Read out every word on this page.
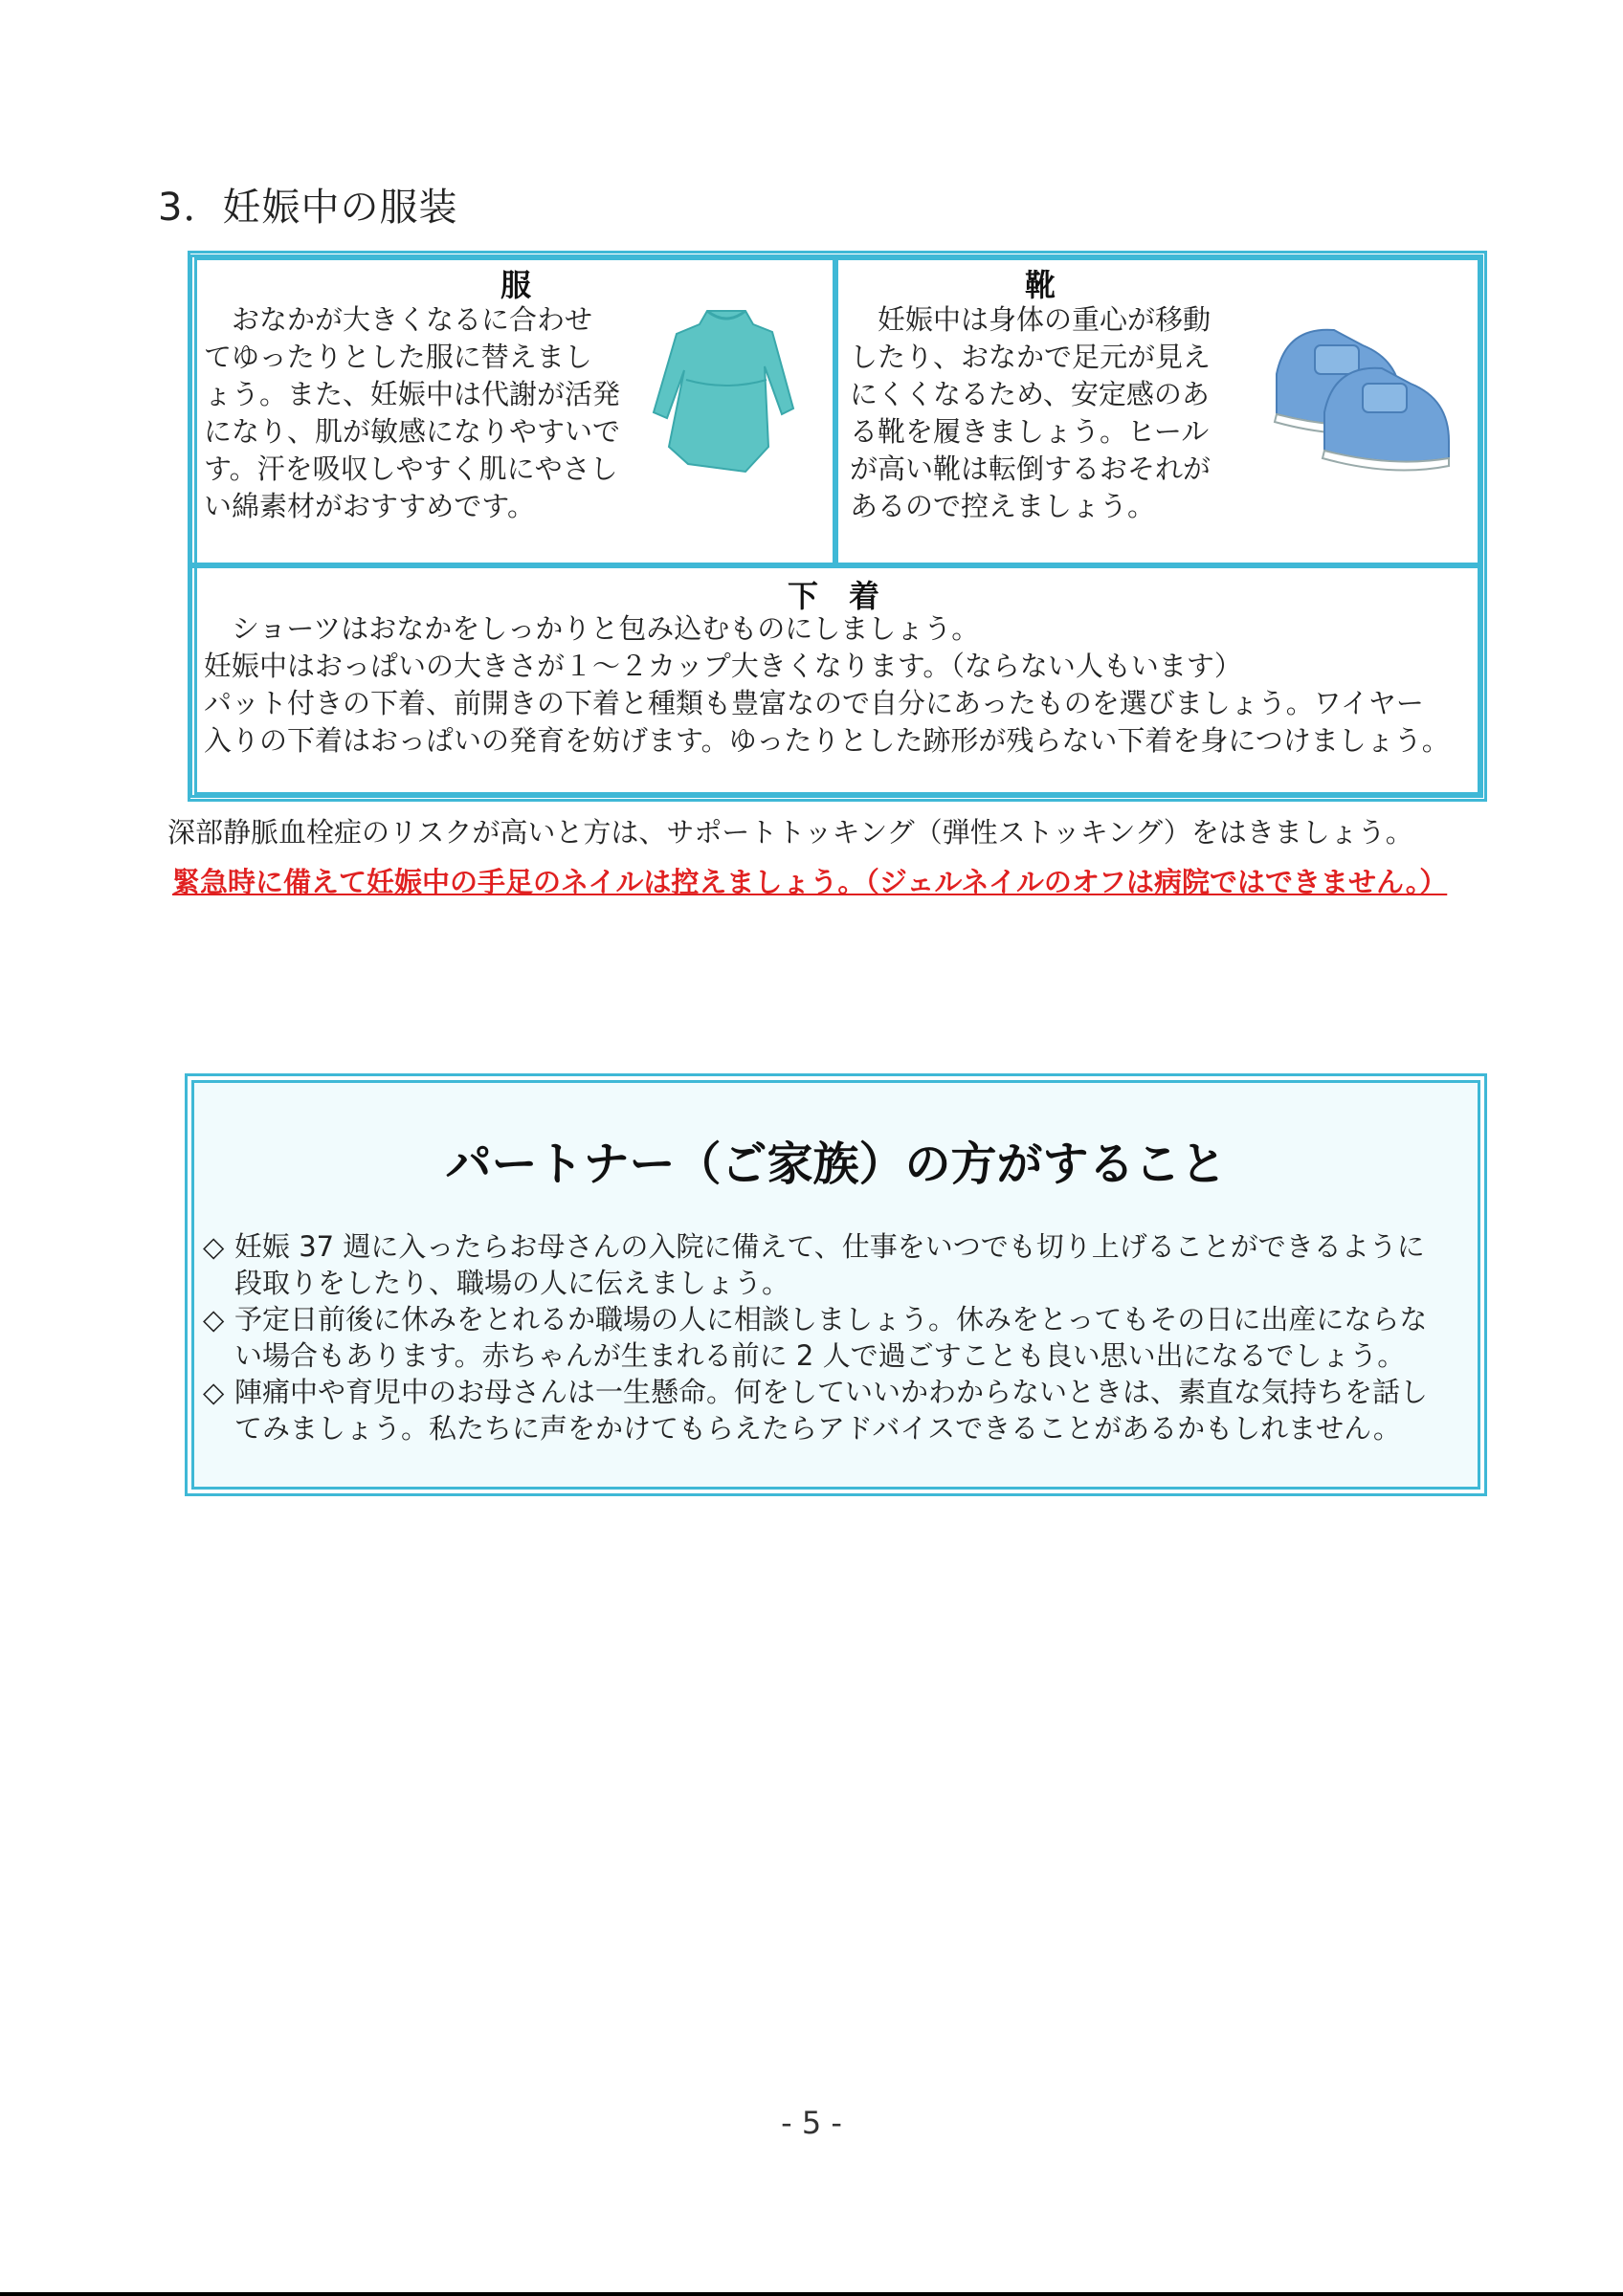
3．妊娠中の服装
服
　おなかが大きくなるに合わせ
てゆったりとした服に替えまし
ょう。また、妊娠中は代謝が活発
になり、肌が敏感になりやすいで
す。汗を吸収しやすく肌にやさし
い綿素材がおすすめです。
靴
　妊娠中は身体の重心が移動
したり、おなかで足元が見え
にくくなるため、安定感のあ
る靴を履きましょう。ヒール
が高い靴は転倒するおそれが
あるので控えましょう。
下　着
　ショーツはおなかをしっかりと包み込むものにしましょう。
妊娠中はおっぱいの大きさが１～２カップ大きくなります。（ならない人もいます）
パット付きの下着、前開きの下着と種類も豊富なので自分にあったものを選びましょう。ワイヤー
入りの下着はおっぱいの発育を妨げます。ゆったりとした跡形が残らない下着を身につけましょう。
深部静脈血栓症のリスクが高いと方は、サポートトッキング（弾性ストッキング）をはきましょう。
緊急時に備えて妊娠中の手足のネイルは控えましょう。（ジェルネイルのオフは病院ではできません。）
パートナー（ご家族）の方がすること
◇ 妊娠 37 週に入ったらお母さんの入院に備えて、仕事をいつでも切り上げることができるように
段取りをしたり、職場の人に伝えましょう。
◇ 予定日前後に休みをとれるか職場の人に相談しましょう。休みをとってもその日に出産にならな
い場合もあります。赤ちゃんが生まれる前に 2 人で過ごすことも良い思い出になるでしょう。
◇ 陣痛中や育児中のお母さんは一生懸命。何をしていいかわからないときは、素直な気持ちを話し
てみましょう。私たちに声をかけてもらえたらアドバイスできることがあるかもしれません。
- 5 -
